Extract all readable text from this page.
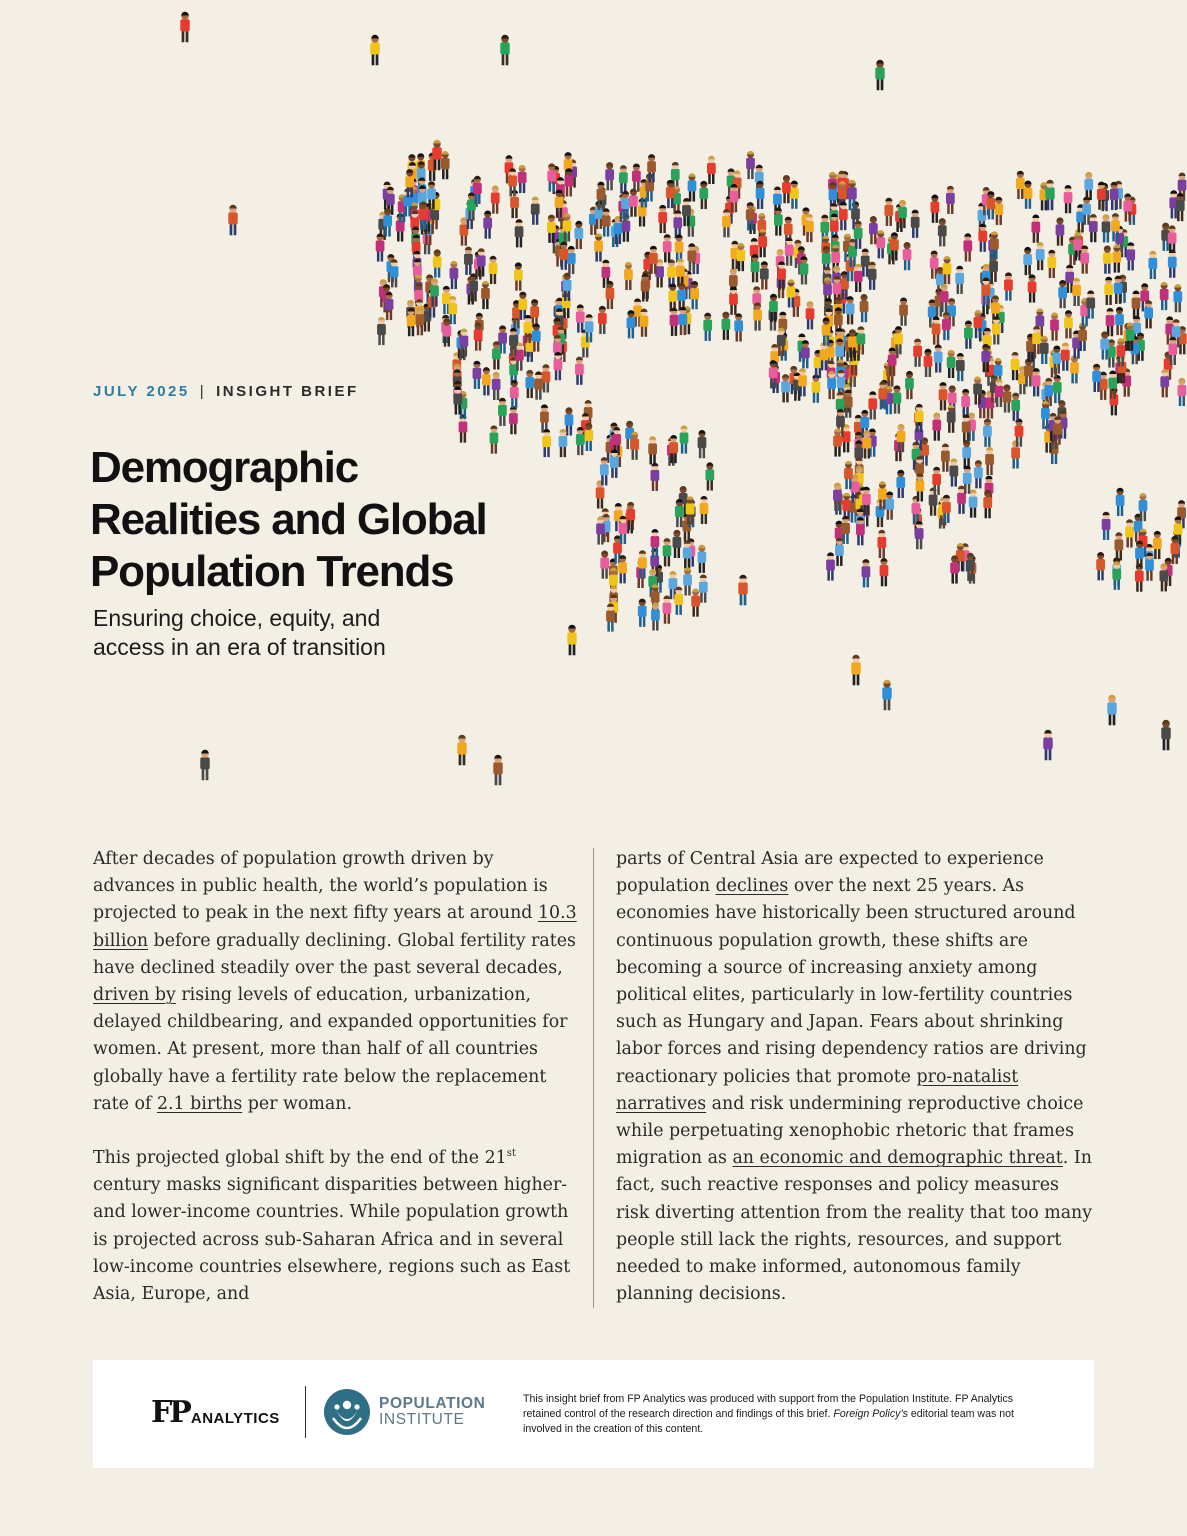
JULY 2025 | INSIGHT BRIEF
Demographic
Realities and Global
Population Trends
Ensuring choice, equity, and
access in an era of transition

After decades of population growth driven by advances in public health, the world’s population is projected to peak in the next fifty years at around 10.3 billion before gradually declining. Global fertility rates have declined steadily over the past several decades, driven by rising levels of education, urbanization, delayed childbearing, and expanded opportunities for women. At present, more than half of all countries globally have a fertility rate below the replacement rate of 2.1 births per woman.

This projected global shift by the end of the 21st century masks significant disparities between higher- and lower-income countries. While population growth is projected across sub-Saharan Africa and in several low-income countries elsewhere, regions such as East Asia, Europe, and

parts of Central Asia are expected to experience population declines over the next 25 years. As economies have historically been structured around continuous population growth, these shifts are becoming a source of increasing anxiety among political elites, particularly in low-fertility countries such as Hungary and Japan. Fears about shrinking labor forces and rising dependency ratios are driving reactionary policies that promote pro-natalist narratives and risk undermining reproductive choice while perpetuating xenophobic rhetoric that frames migration as an economic and demographic threat. In fact, such reactive responses and policy measures risk diverting attention from the reality that too many people still lack the rights, resources, and support needed to make informed, autonomous family planning decisions.

FP ANALYTICS
POPULATION
INSTITUTE
This insight brief from FP Analytics was produced with support from the Population Institute. FP Analytics retained control of the research direction and findings of this brief. Foreign Policy’s editorial team was not involved in the creation of this content.
